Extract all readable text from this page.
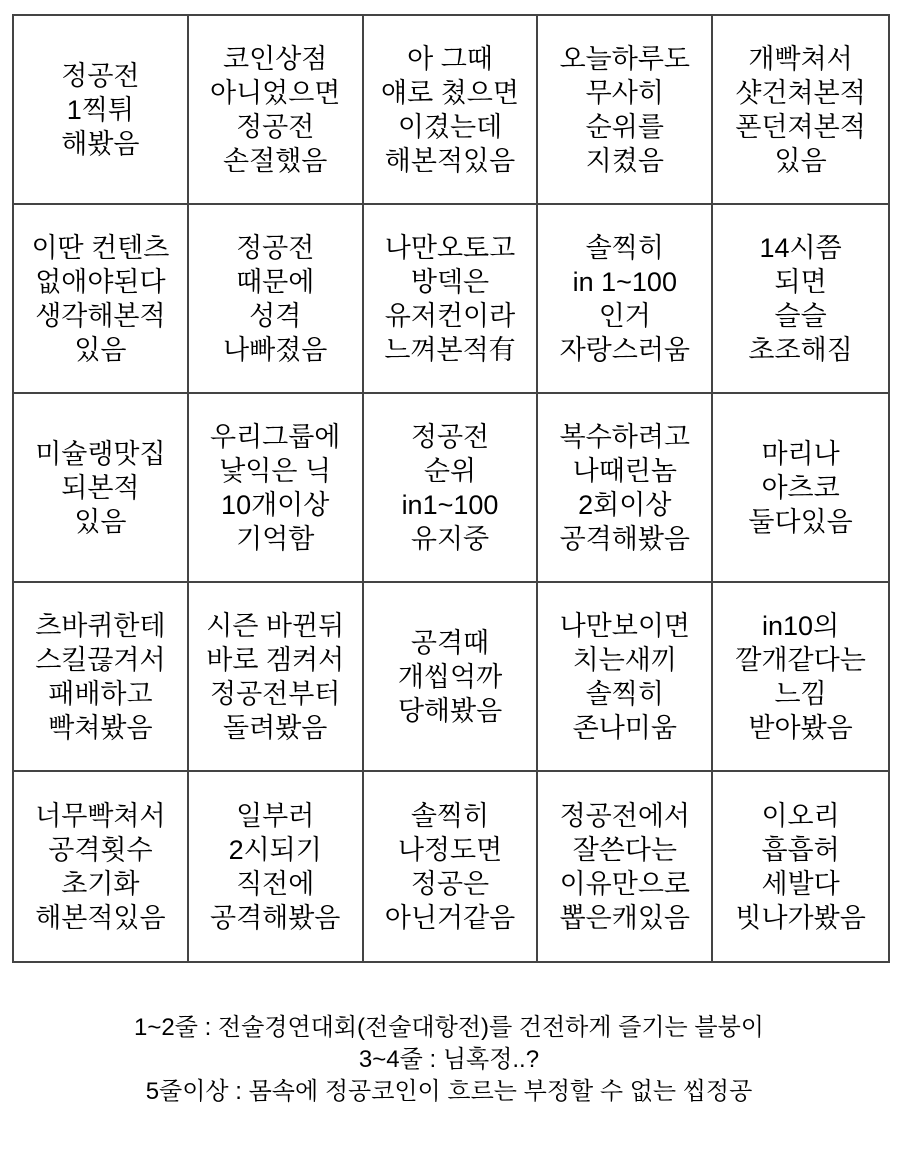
정공전
1찍튀
해봤음
코인상점
아니었으면
정공전
손절했음
아 그때
얘로 쳤으면
이겼는데
해본적있음
오늘하루도
무사히
순위를
지켰음
개빡쳐서
샷건쳐본적
폰던져본적
있음
이딴 컨텐츠
없애야된다
생각해본적
있음
정공전
때문에
성격
나빠졌음
나만오토고
방덱은
유저컨이라
느껴본적有
솔찍히
in 1~100
인거
자랑스러움
14시쯤
되면
슬슬
초조해짐
미슐랭맛집
되본적
있음
우리그룹에
낯익은 닉
10개이상
기억함
정공전
순위
in1~100
유지중
복수하려고
나때린놈
2회이상
공격해봤음
마리나
아츠코
둘다있음
츠바퀴한테
스킬끊겨서
패배하고
빡쳐봤음
시즌 바뀐뒤
바로 겜켜서
정공전부터
돌려봤음
공격때
개씹억까
당해봤음
나만보이면
치는새끼
솔찍히
존나미움
in10의
깔개같다는
느낌
받아봤음
너무빡쳐서
공격횟수
초기화
해본적있음
일부러
2시되기
직전에
공격해봤음
솔찍히
나정도면
정공은
아닌거같음
정공전에서
잘쓴다는
이유만으로
뽑은캐있음
이오리
흡흡허
세발다
빗나가봤음
1~2줄 : 전술경연대회(전술대항전)를 건전하게 즐기는 블붕이
3~4줄 : 님혹정..?
5줄이상 : 몸속에 정공코인이 흐르는 부정할 수 없는 씹정공
